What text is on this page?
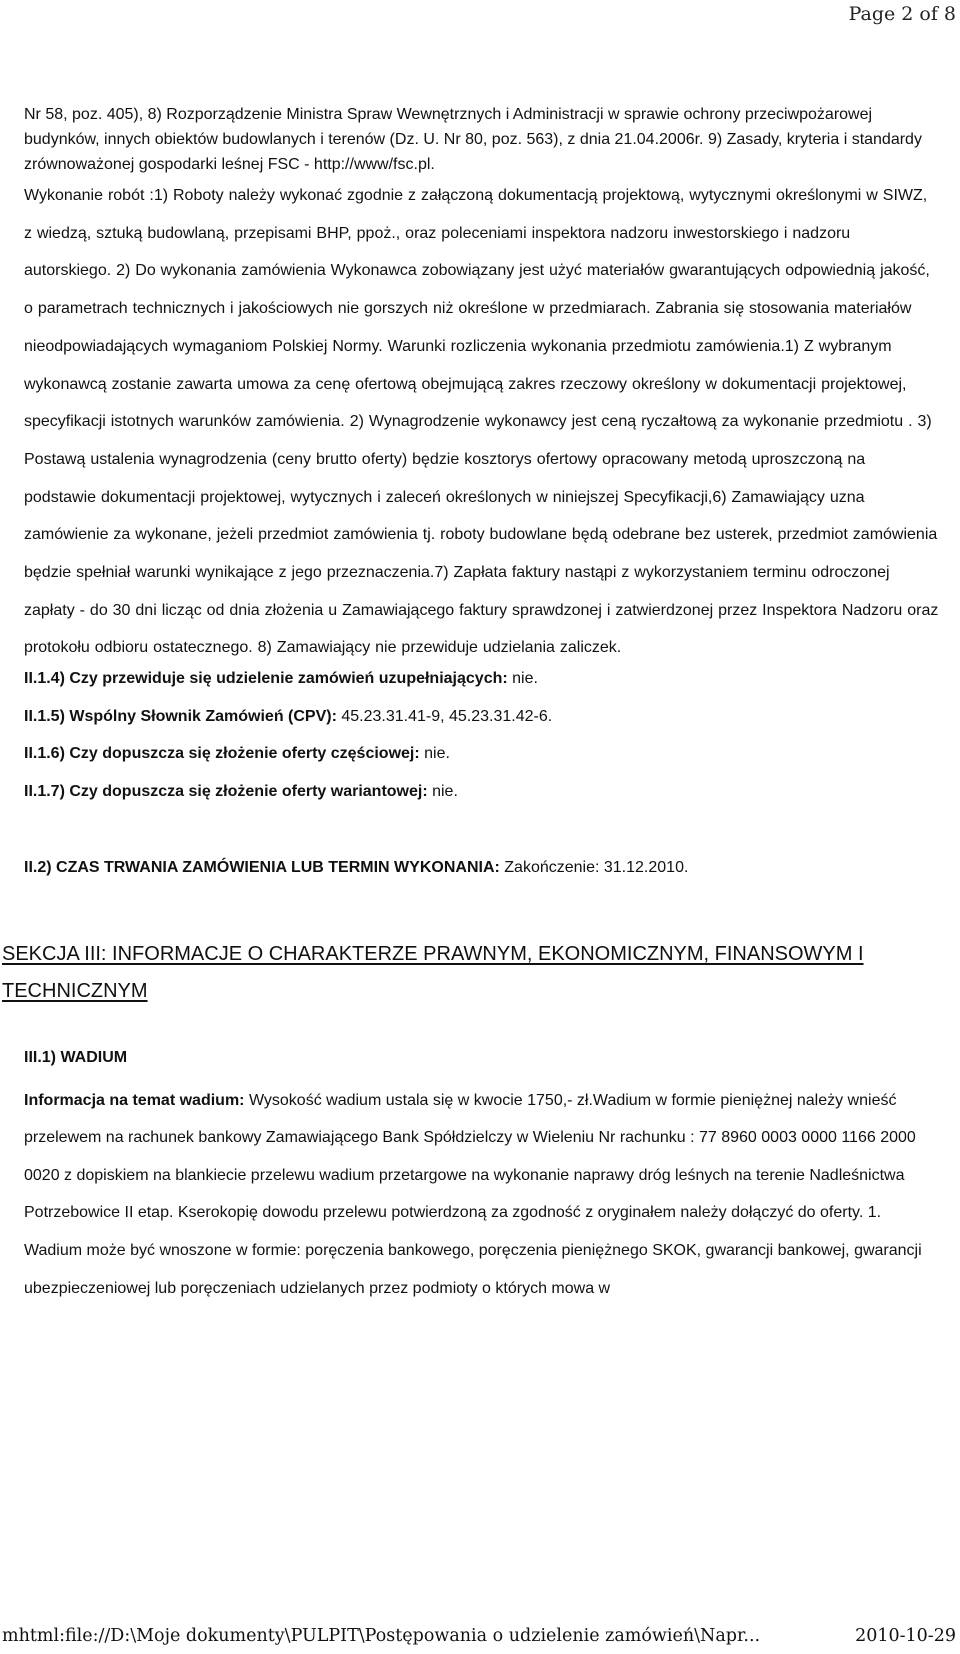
Page 2 of 8

Nr 58, poz. 405), 8) Rozporządzenie Ministra Spraw Wewnętrznych i Administracji w sprawie ochrony przeciwpożarowej budynków, innych obiektów budowlanych i terenów (Dz. U. Nr 80, poz. 563), z dnia 21.04.2006r. 9) Zasady, kryteria i standardy zrównoważonej gospodarki leśnej FSC - http://www/fsc.pl.

Wykonanie robót :1) Roboty należy wykonać zgodnie z załączoną dokumentacją projektową, wytycznymi określonymi w SIWZ, z wiedzą, sztuką budowlaną, przepisami BHP, ppoż., oraz poleceniami inspektora nadzoru inwestorskiego i nadzoru autorskiego. 2) Do wykonania zamówienia Wykonawca zobowiązany jest użyć materiałów gwarantujących odpowiednią jakość, o parametrach technicznych i jakościowych nie gorszych niż określone w przedmiarach. Zabrania się stosowania materiałów nieodpowiadających wymaganiom Polskiej Normy. Warunki rozliczenia wykonania przedmiotu zamówienia.1) Z wybranym wykonawcą zostanie zawarta umowa za cenę ofertową obejmującą zakres rzeczowy określony w dokumentacji projektowej, specyfikacji istotnych warunków zamówienia. 2) Wynagrodzenie wykonawcy jest ceną ryczałtową za wykonanie przedmiotu . 3) Postawą ustalenia wynagrodzenia (ceny brutto oferty) będzie kosztorys ofertowy opracowany metodą uproszczoną na podstawie dokumentacji projektowej, wytycznych i zaleceń określonych w niniejszej Specyfikacji,6) Zamawiający uzna zamówienie za wykonane, jeżeli przedmiot zamówienia tj. roboty budowlane będą odebrane bez usterek, przedmiot zamówienia będzie spełniał warunki wynikające z jego przeznaczenia.7) Zapłata faktury nastąpi z wykorzystaniem terminu odroczonej zapłaty - do 30 dni licząc od dnia złożenia u Zamawiającego faktury sprawdzonej i zatwierdzonej przez Inspektora Nadzoru oraz protokołu odbioru ostatecznego. 8) Zamawiający nie przewiduje udzielania zaliczek.

II.1.4) Czy przewiduje się udzielenie zamówień uzupełniających: nie.
II.1.5) Wspólny Słownik Zamówień (CPV): 45.23.31.41-9, 45.23.31.42-6.
II.1.6) Czy dopuszcza się złożenie oferty częściowej: nie.
II.1.7) Czy dopuszcza się złożenie oferty wariantowej: nie.

II.2) CZAS TRWANIA ZAMÓWIENIA LUB TERMIN WYKONANIA: Zakończenie: 31.12.2010.

SEKCJA III: INFORMACJE O CHARAKTERZE PRAWNYM, EKONOMICZNYM, FINANSOWYM I TECHNICZNYM

III.1) WADIUM

Informacja na temat wadium: Wysokość wadium ustala się w kwocie 1750,- zł.Wadium w formie pieniężnej należy wnieść przelewem na rachunek bankowy Zamawiającego Bank Spółdzielczy w Wieleniu Nr rachunku : 77 8960 0003 0000 1166 2000 0020 z dopiskiem na blankiecie przelewu wadium przetargowe na wykonanie naprawy dróg leśnych na terenie Nadleśnictwa Potrzebowice II etap. Kserokopię dowodu przelewu potwierdzoną za zgodność z oryginałem należy dołączyć do oferty. 1. Wadium może być wnoszone w formie: poręczenia bankowego, poręczenia pieniężnego SKOK, gwarancji bankowej, gwarancji ubezpieczeniowej lub poręczeniach udzielanych przez podmioty o których mowa w

mhtml:file://D:\Moje dokumenty\PULPIT\Postępowania o udzielenie zamówień\Napr...	2010-10-29
